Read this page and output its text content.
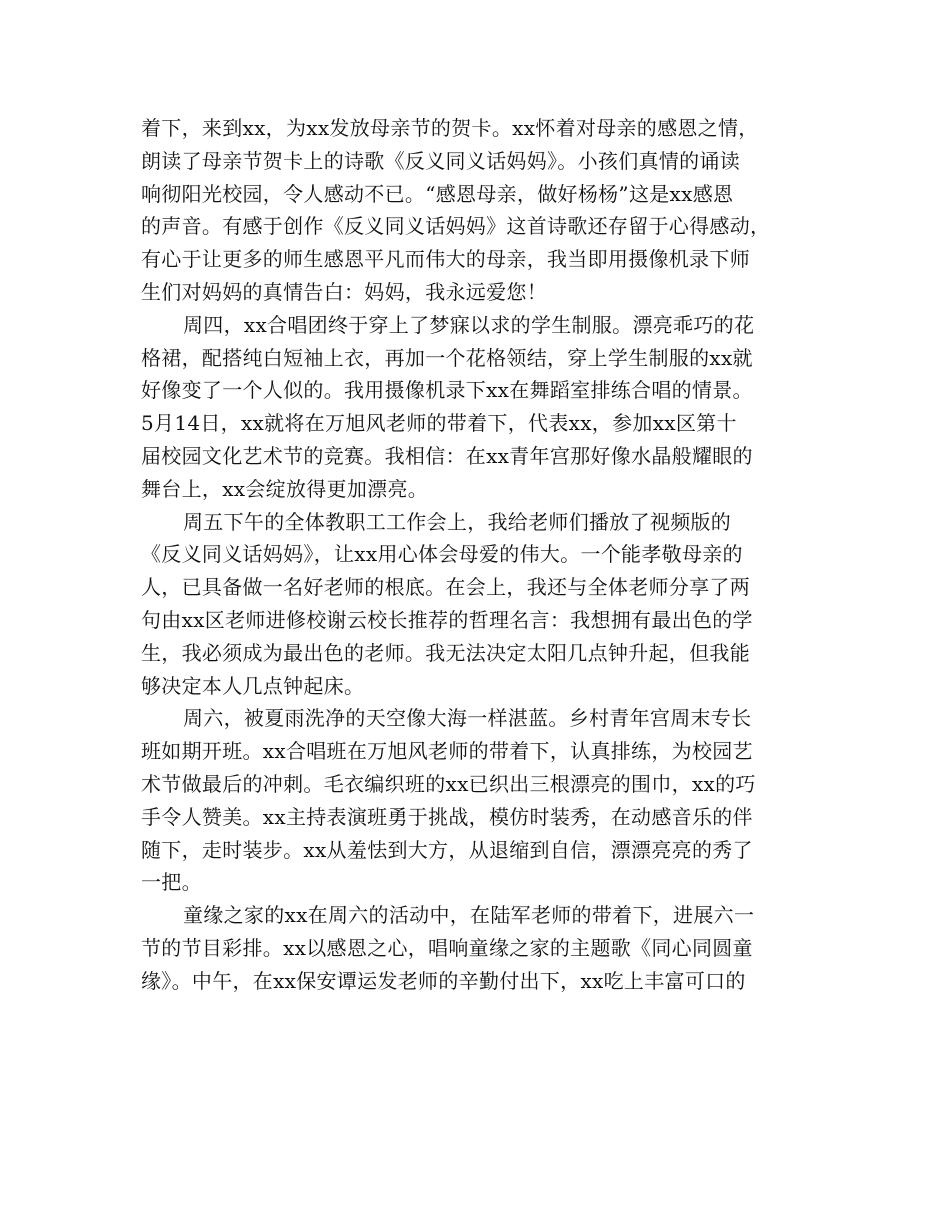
着下，来到xx，为xx发放母亲节的贺卡。xx怀着对母亲的感恩之情，
朗读了母亲节贺卡上的诗歌《反义同义话妈妈》。小孩们真情的诵读
响彻阳光校园，令人感动不已。“感恩母亲，做好杨杨”这是xx感恩
的声音。有感于创作《反义同义话妈妈》这首诗歌还存留于心得感动，
有心于让更多的师生感恩平凡而伟大的母亲，我当即用摄像机录下师
生们对妈妈的真情告白：妈妈，我永远爱您！
周四，xx合唱团终于穿上了梦寐以求的学生制服。漂亮乖巧的花
格裙，配搭纯白短袖上衣，再加一个花格领结，穿上学生制服的xx就
好像变了一个人似的。我用摄像机录下xx在舞蹈室排练合唱的情景。
5月14日，xx就将在万旭风老师的带着下，代表xx，参加xx区第十
届校园文化艺术节的竞赛。我相信：在xx青年宫那好像水晶般耀眼的
舞台上，xx会绽放得更加漂亮。
周五下午的全体教职工工作会上，我给老师们播放了视频版的
《反义同义话妈妈》，让xx用心体会母爱的伟大。一个能孝敬母亲的
人，已具备做一名好老师的根底。在会上，我还与全体老师分享了两
句由xx区老师进修校谢云校长推荐的哲理名言：我想拥有最出色的学
生，我必须成为最出色的老师。我无法决定太阳几点钟升起，但我能
够决定本人几点钟起床。
周六，被夏雨洗净的天空像大海一样湛蓝。乡村青年宫周末专长
班如期开班。xx合唱班在万旭风老师的带着下，认真排练，为校园艺
术节做最后的冲刺。毛衣编织班的xx已织出三根漂亮的围巾，xx的巧
手令人赞美。xx主持表演班勇于挑战，模仿时装秀，在动感音乐的伴
随下，走时装步。xx从羞怯到大方，从退缩到自信，漂漂亮亮的秀了
一把。
童缘之家的xx在周六的活动中，在陆军老师的带着下，进展六一
节的节目彩排。xx以感恩之心，唱响童缘之家的主题歌《同心同圆童
缘》。中午，在xx保安谭运发老师的辛勤付出下，xx吃上丰富可口的
